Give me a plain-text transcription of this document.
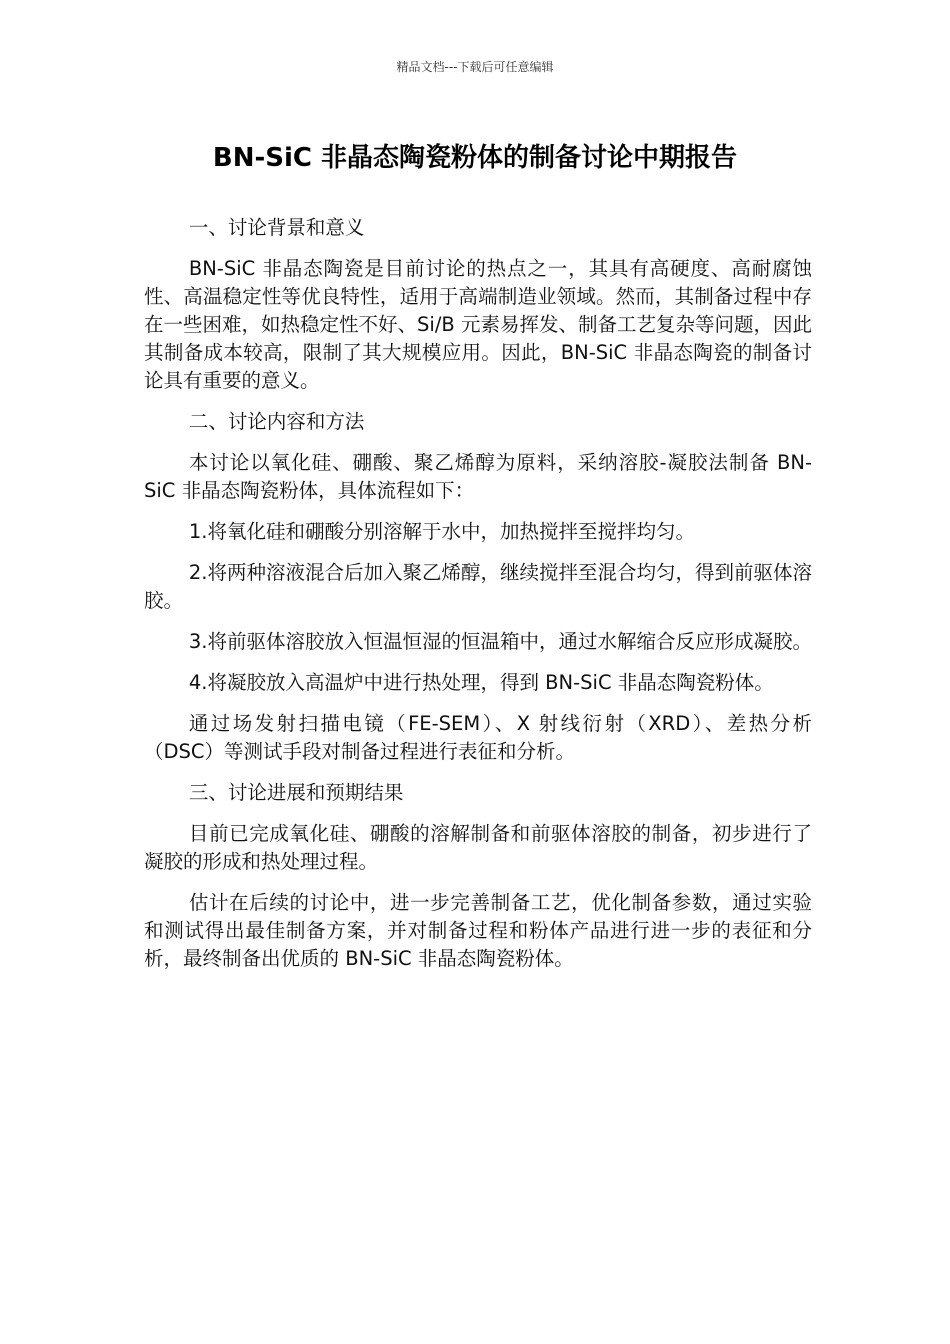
精品文档---下载后可任意编辑
BN-SiC 非晶态陶瓷粉体的制备讨论中期报告

一、讨论背景和意义

BN-SiC 非晶态陶瓷是目前讨论的热点之一，其具有高硬度、高耐腐蚀性、高温稳定性等优良特性，适用于高端制造业领域。然而，其制备过程中存在一些困难，如热稳定性不好、Si/B 元素易挥发、制备工艺复杂等问题，因此其制备成本较高，限制了其大规模应用。因此，BN-SiC 非晶态陶瓷的制备讨论具有重要的意义。

二、讨论内容和方法

本讨论以氧化硅、硼酸、聚乙烯醇为原料，采纳溶胶-凝胶法制备 BN-SiC 非晶态陶瓷粉体，具体流程如下：

1.将氧化硅和硼酸分别溶解于水中，加热搅拌至搅拌均匀。

2.将两种溶液混合后加入聚乙烯醇，继续搅拌至混合均匀，得到前驱体溶胶。

3.将前驱体溶胶放入恒温恒湿的恒温箱中，通过水解缩合反应形成凝胶。

4.将凝胶放入高温炉中进行热处理，得到 BN-SiC 非晶态陶瓷粉体。

通过场发射扫描电镜（FE-SEM）、X 射线衍射（XRD）、差热分析（DSC）等测试手段对制备过程进行表征和分析。

三、讨论进展和预期结果

目前已完成氧化硅、硼酸的溶解制备和前驱体溶胶的制备，初步进行了凝胶的形成和热处理过程。

估计在后续的讨论中，进一步完善制备工艺，优化制备参数，通过实验和测试得出最佳制备方案，并对制备过程和粉体产品进行进一步的表征和分析，最终制备出优质的 BN-SiC 非晶态陶瓷粉体。
